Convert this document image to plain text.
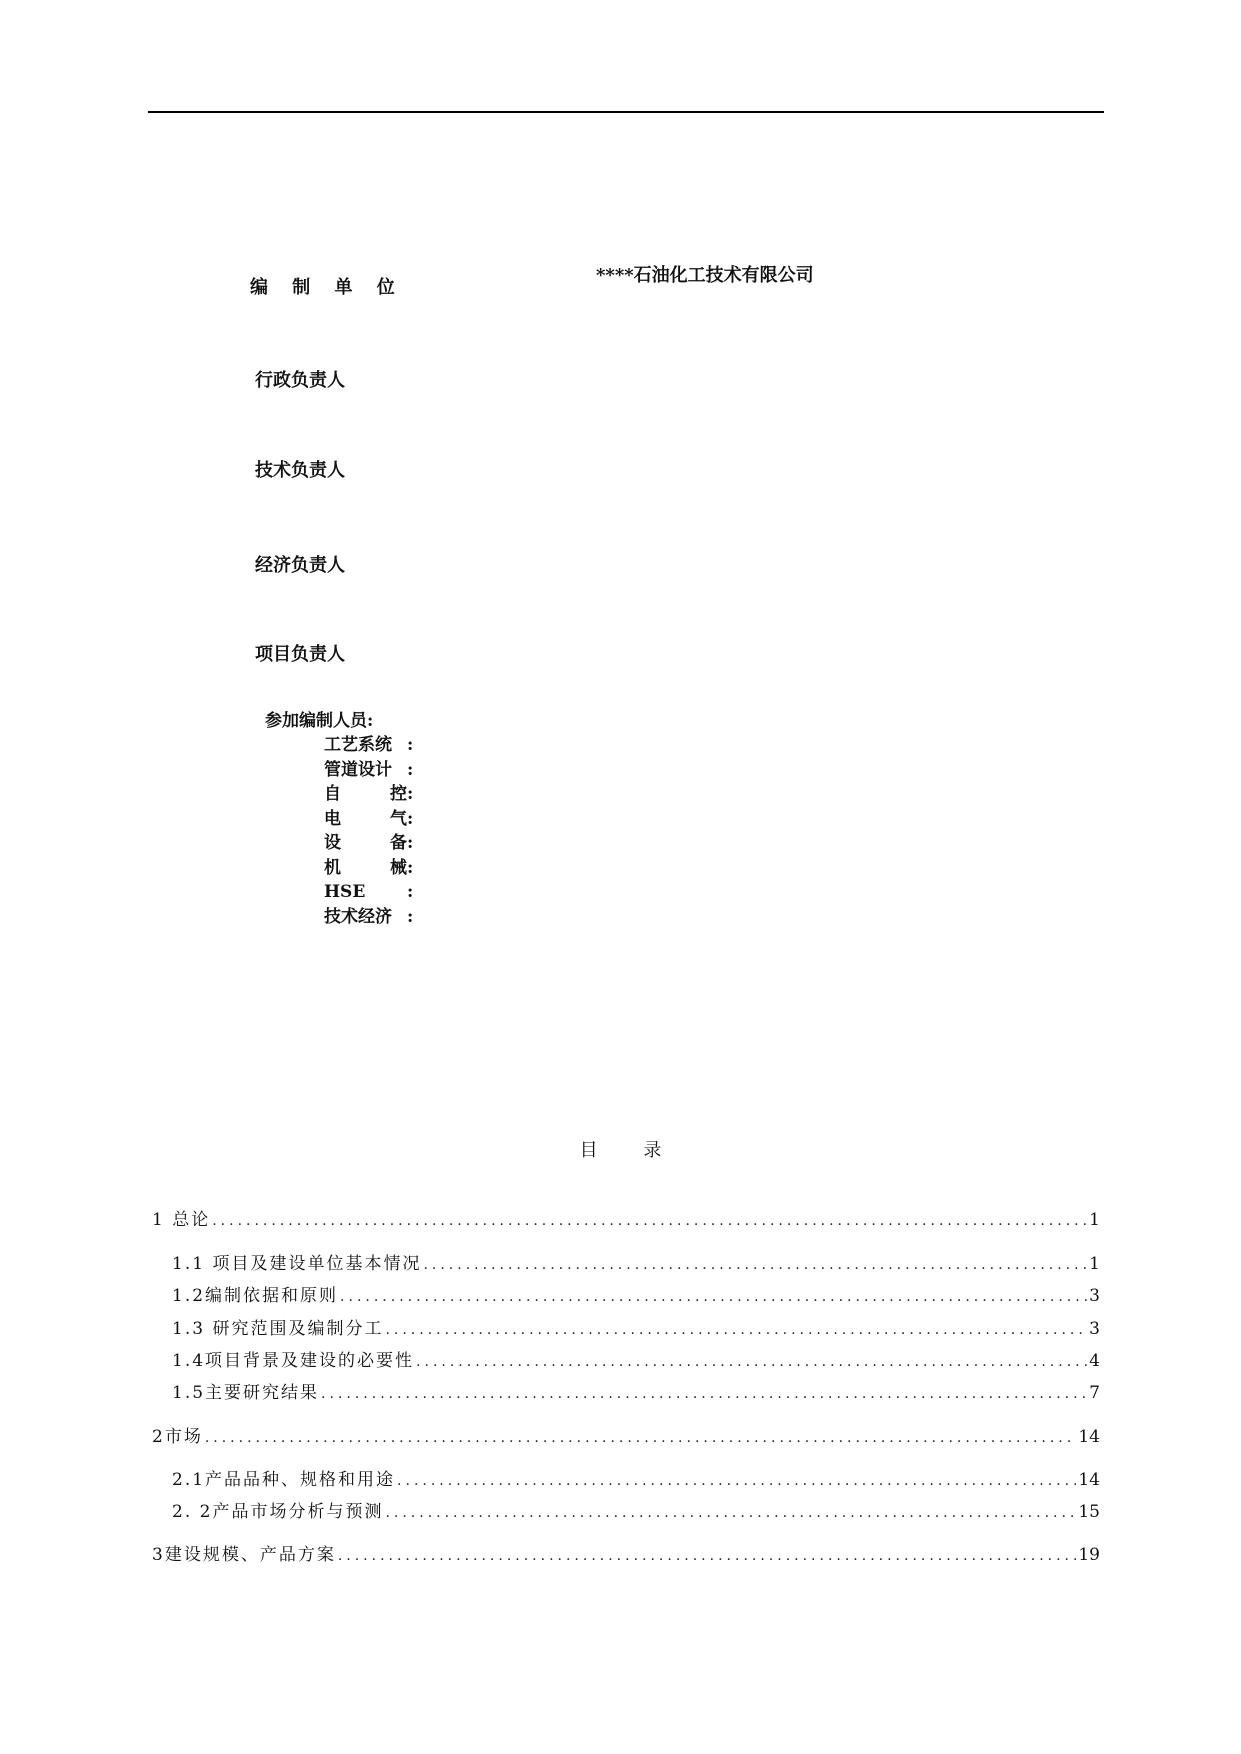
编 制 单 位
****石油化工技术有限公司
行政负责人
技术负责人
经济负责人
项目负责人
参加编制人员:
工艺系统 :
管道设计 :
自	控 :
电	气 :
设	备 :
机	械 :
HSE	:
技术经济 :
目 录
1 总论 .....	1
1.1 项目及建设单位基本情况 .....	1
1.2编制依据和原则 .....	3
1.3 研究范围及编制分工 .....	3
1.4项目背景及建设的必要性 .....	4
1.5主要研究结果 .....	7
2市场 .....	14
2.1产品品种、规格和用途 .....	14
2. 2产品市场分析与预测 .....	15
3建设规模、产品方案 .....	19
